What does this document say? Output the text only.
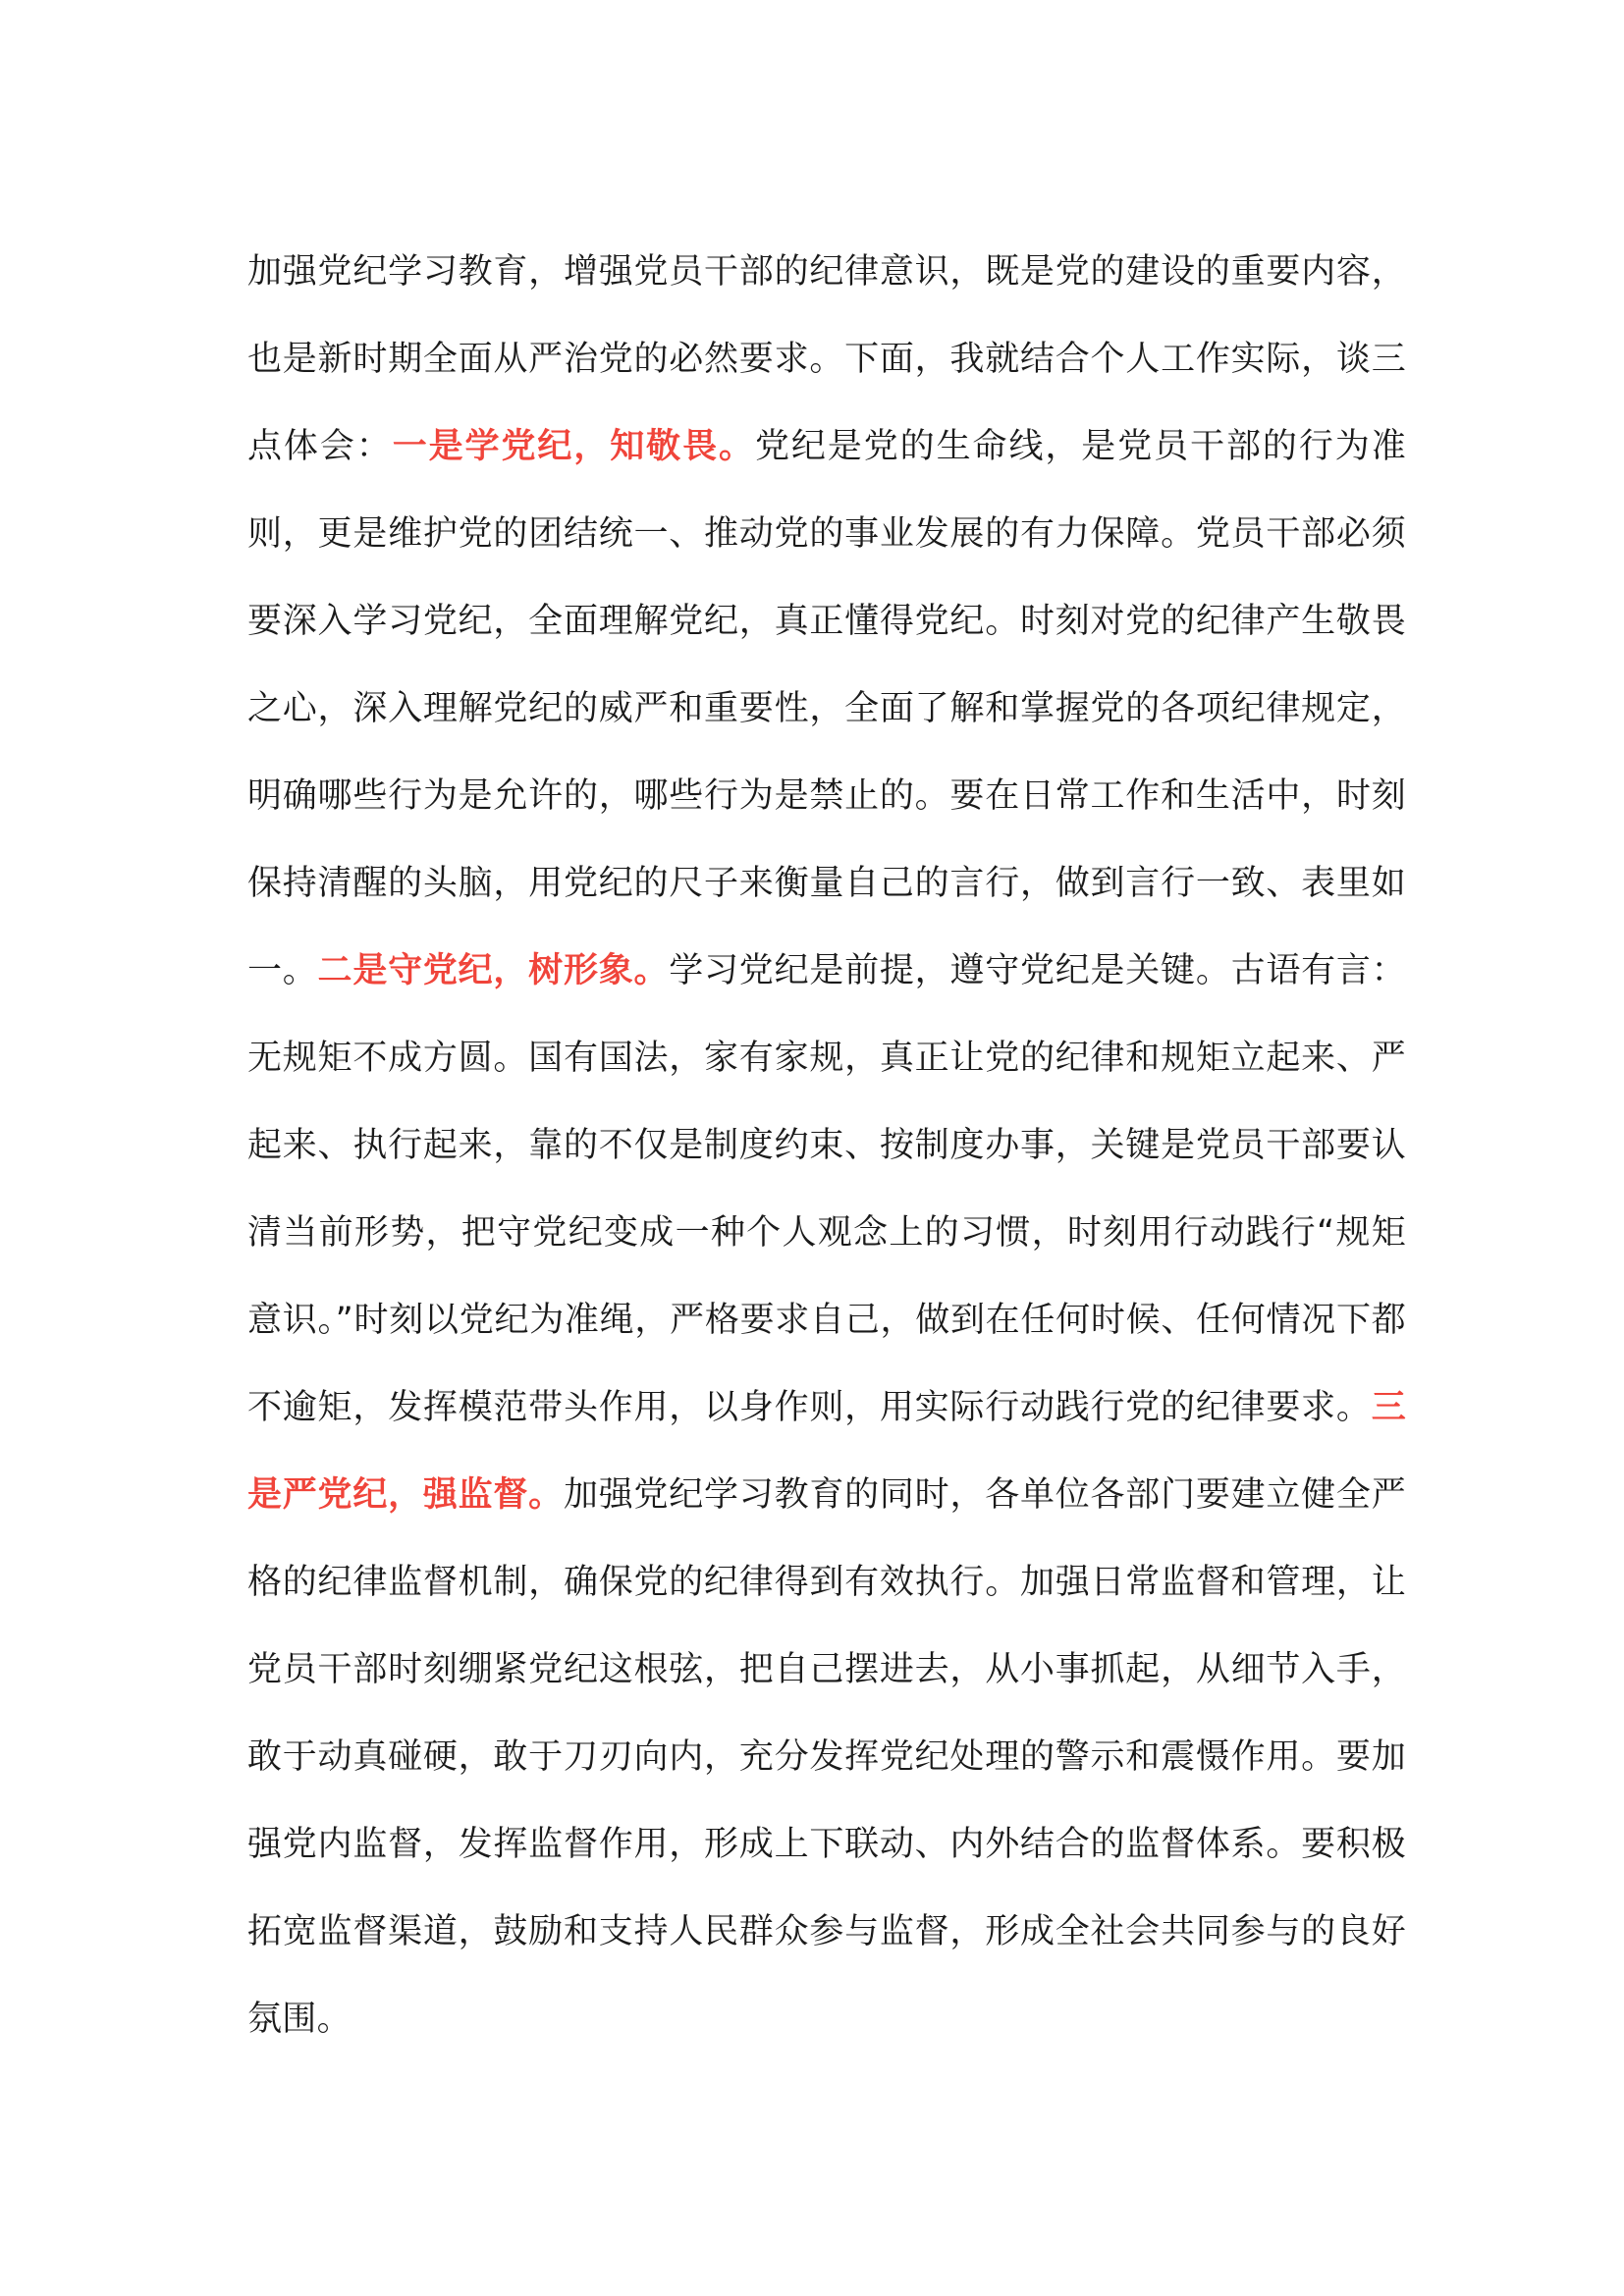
加强党纪学习教育，增强党员干部的纪律意识，既是党的建设的重要内容，也是新时期全面从严治党的必然要求。下面，我就结合个人工作实际，谈三点体会：一是学党纪，知敬畏。党纪是党的生命线，是党员干部的行为准则，更是维护党的团结统一、推动党的事业发展的有力保障。党员干部必须要深入学习党纪，全面理解党纪，真正懂得党纪。时刻对党的纪律产生敬畏之心，深入理解党纪的威严和重要性，全面了解和掌握党的各项纪律规定，明确哪些行为是允许的，哪些行为是禁止的。要在日常工作和生活中，时刻保持清醒的头脑，用党纪的尺子来衡量自己的言行，做到言行一致、表里如一。二是守党纪，树形象。学习党纪是前提，遵守党纪是关键。古语有言：无规矩不成方圆。国有国法，家有家规，真正让党的纪律和规矩立起来、严起来、执行起来，靠的不仅是制度约束、按制度办事，关键是党员干部要认清当前形势，把守党纪变成一种个人观念上的习惯，时刻用行动践行“规矩意识。”时刻以党纪为准绳，严格要求自己，做到在任何时候、任何情况下都不逾矩，发挥模范带头作用，以身作则，用实际行动践行党的纪律要求。三是严党纪，强监督。加强党纪学习教育的同时，各单位各部门要建立健全严格的纪律监督机制，确保党的纪律得到有效执行。加强日常监督和管理，让党员干部时刻绷紧党纪这根弦，把自己摆进去，从小事抓起，从细节入手，敢于动真碰硬，敢于刀刃向内，充分发挥党纪处理的警示和震慑作用。要加强党内监督，发挥监督作用，形成上下联动、内外结合的监督体系。要积极拓宽监督渠道，鼓励和支持人民群众参与监督，形成全社会共同参与的良好氛围。
